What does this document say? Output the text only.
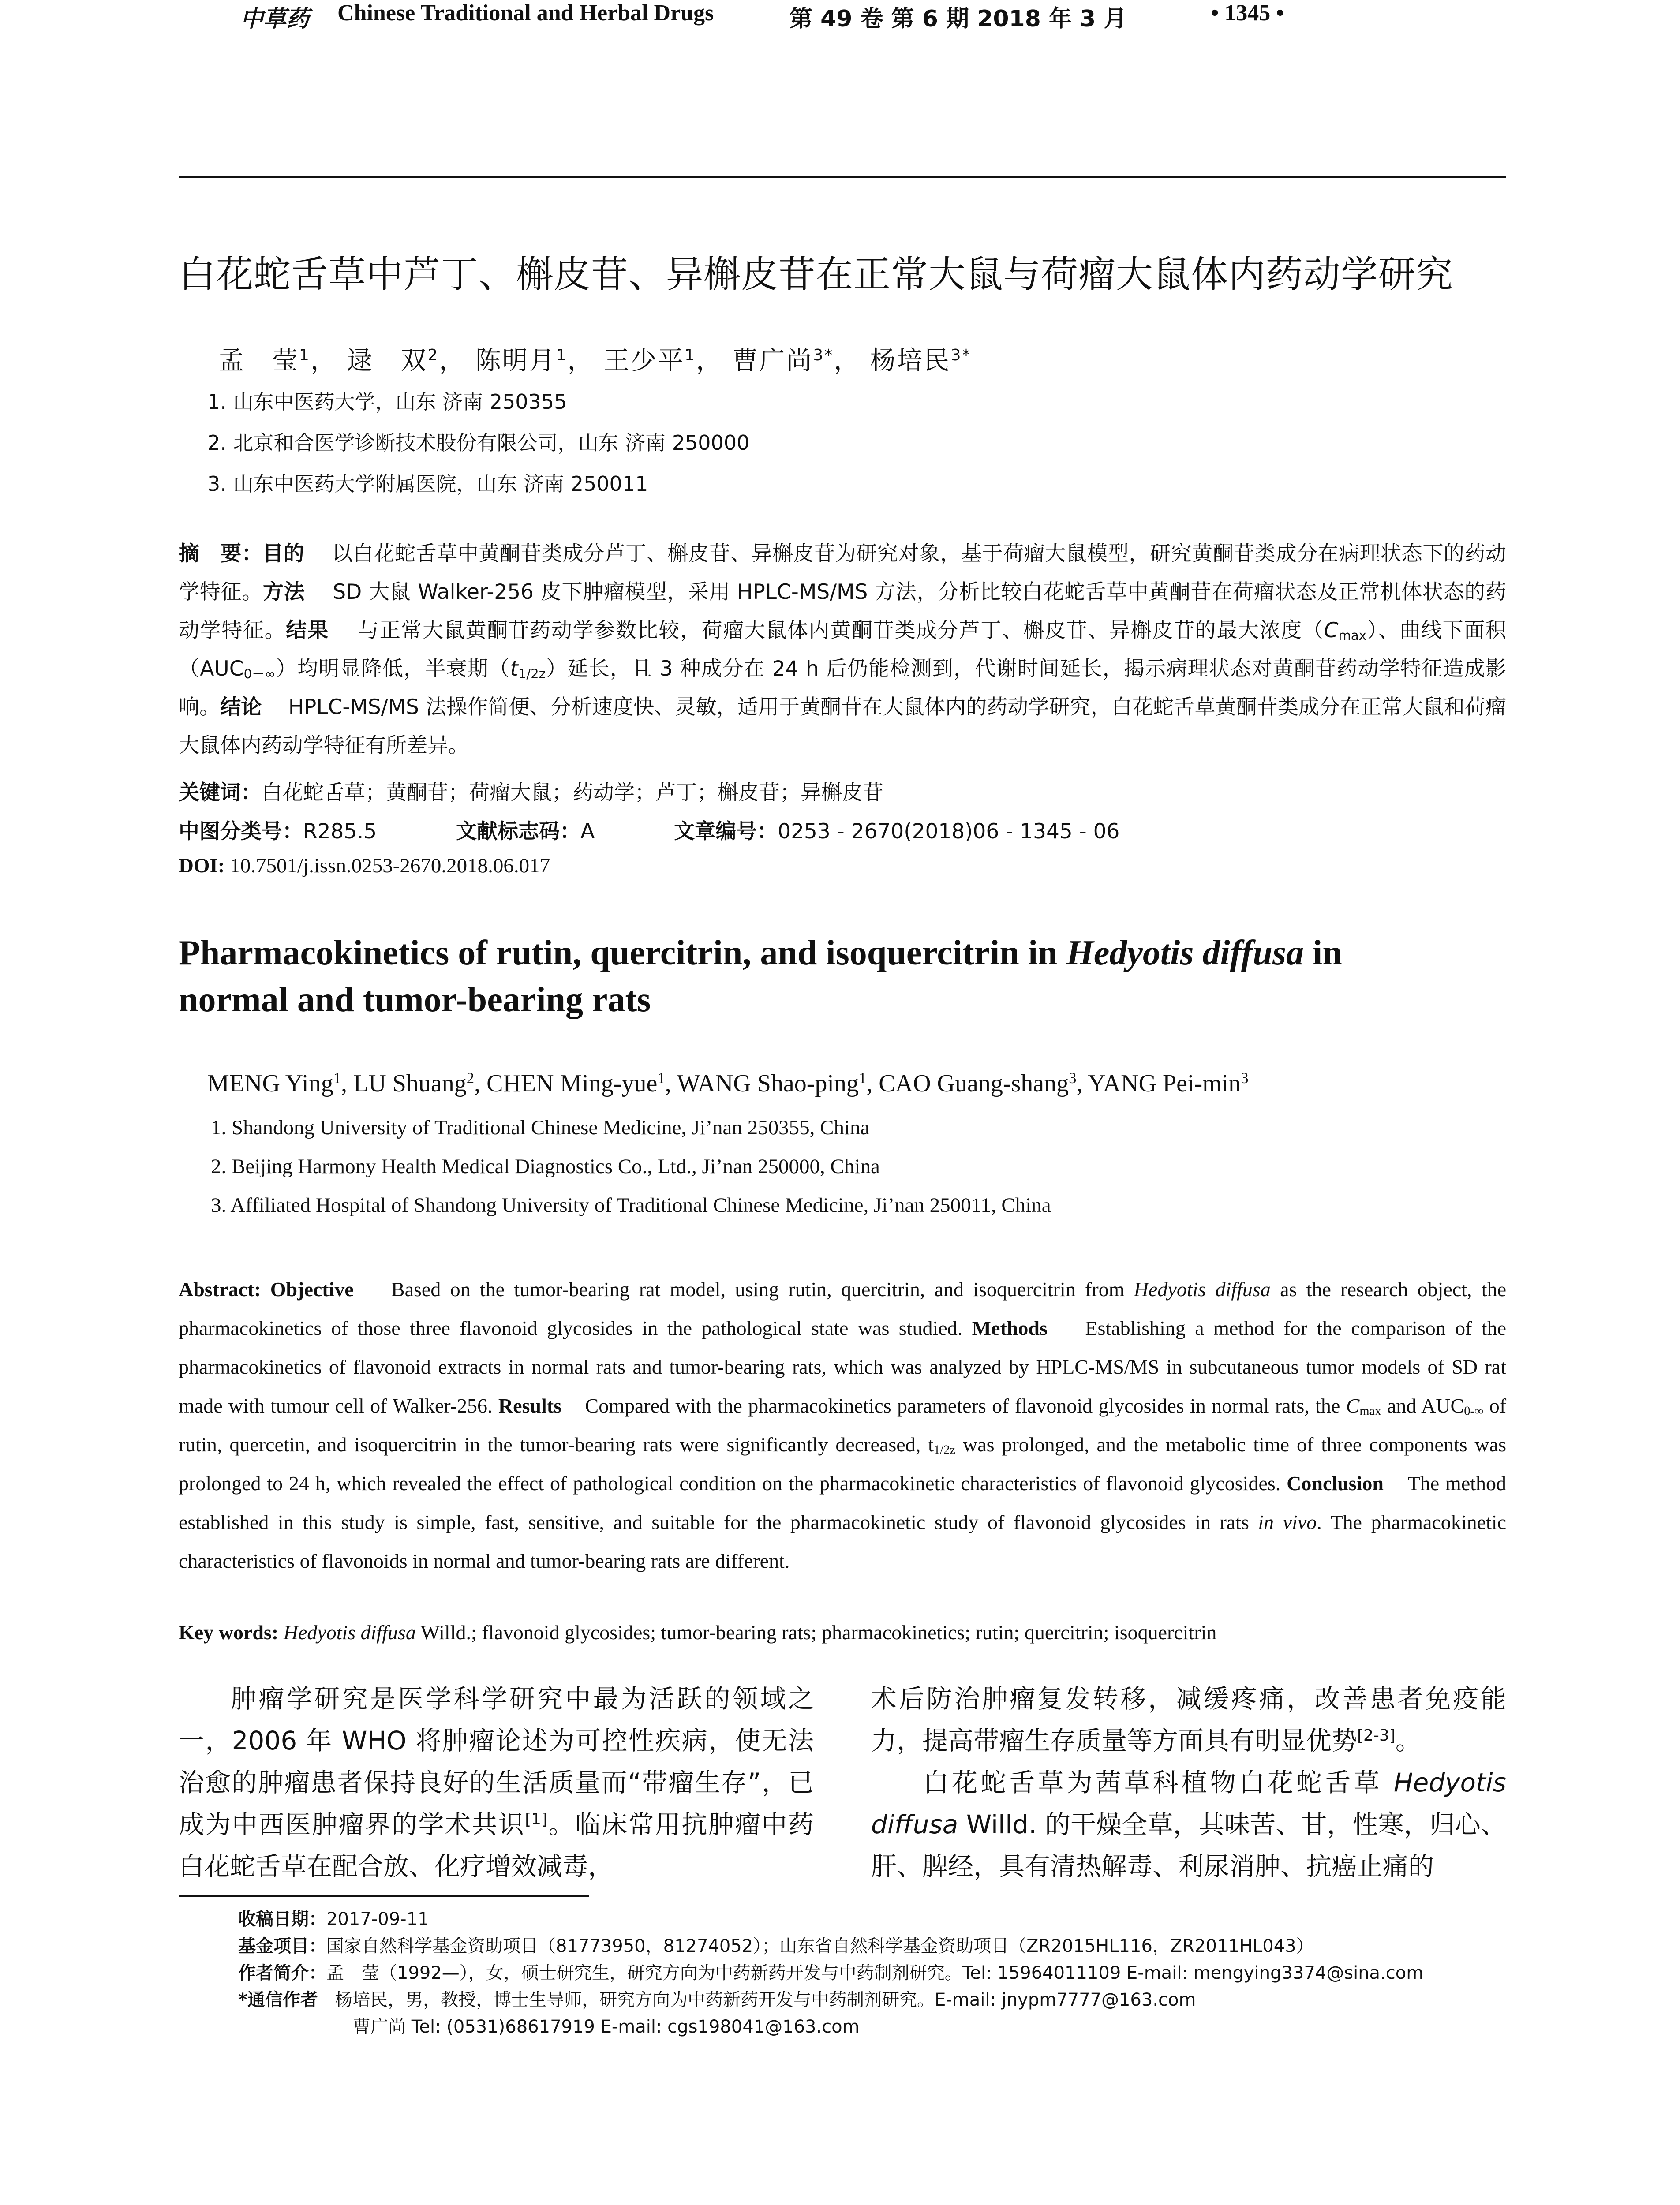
中草药 Chinese Traditional and Herbal Drugs	第 49 卷 第 6 期 2018 年 3 月	• 1345 •
白花蛇舌草中芦丁、槲皮苷、异槲皮苷在正常大鼠与荷瘤大鼠体内药动学研究
孟　莹$^1$， 逯　双$^2$， 陈明月$^1$， 王少平$^1$， 曹广尚$^{3*}$， 杨培民$^{3*}$
1. 山东中医药大学，山东 济南 250355
2. 北京和合医学诊断技术股份有限公司，山东 济南 250000
3. 山东中医药大学附属医院，山东 济南 250011
摘　要：目的 以白花蛇舌草中黄酮苷类成分芦丁、槲皮苷、异槲皮苷为研究对象，基于荷瘤大鼠模型，研究黄酮苷类成分在病理状态下的药动学特征。方法 SD 大鼠 Walker-256 皮下肿瘤模型，采用 HPLC-MS/MS 方法，分析比较白花蛇舌草中黄酮苷在荷瘤状态及正常机体状态的药动学特征。结果 与正常大鼠黄酮苷药动学参数比较，荷瘤大鼠体内黄酮苷类成分芦丁、槲皮苷、异槲皮苷的最大浓度$(C_{max})$、曲线下面积$(AUC_{0-\infty})$均明显降低，半衰期$(t_{1/2z})$延长，且 3 种成分在 24 h 后仍能检测到，代谢时间延长，揭示病理状态对黄酮苷药动学特征造成影响。结论 HPLC-MS/MS 法操作简便、分析速度快、灵敏，适用于黄酮苷在大鼠体内的药动学研究，白花蛇舌草黄酮苷类成分在正常大鼠和荷瘤大鼠体内药动学特征有所差异。
关键词：白花蛇舌草；黄酮苷；荷瘤大鼠；药动学；芦丁；槲皮苷；异槲皮苷
中图分类号：R285.5	文献标志码：A	文章编号：0253 - 2670(2018)06 - 1345 - 06
DOI: 10.7501/j.issn.0253-2670.2018.06.017
Pharmacokinetics of rutin, quercitrin, and isoquercitrin in Hedyotis diffusa in
normal and tumor-bearing rats
MENG Ying$^1$, LU Shuang$^2$, CHEN Ming-yue$^1$, WANG Shao-ping$^1$, CAO Guang-shang$^3$, YANG Pei-$\min^3$
1. Shandong University of Traditional Chinese Medicine, Ji’nan 250355, China
2. Beijing Harmony Health Medical Diagnostics Co., Ltd., Ji’nan 250000, China
3. Affiliated Hospital of Shandong University of Traditional Chinese Medicine, Ji’nan 250011, China
Abstract: Objective Based on the tumor-bearing rat model, using rutin, quercitrin, and isoquercitrin from Hedyotis diffusa as the research object, the pharmacokinetics of those three flavonoid glycosides in the pathological state was studied. Methods Establishing a method for the comparison of the pharmacokinetics of flavonoid extracts in normal rats and tumor-bearing rats, which was analyzed by HPLC-MS/MS in subcutaneous tumor models of SD rat made with tumour cell of Walker-256. Results Compared with the pharmacokinetics parameters of flavonoid glycosides in normal rats, the $C_{max}$ and $AUC_{0-\infty}$ of rutin, quercetin, and isoquercitrin in the tumor-bearing rats were significantly decreased, $t_{1/2z}$ was prolonged, and the metabolic time of three components was prolonged to 24 h, which revealed the effect of pathological condition on the pharmacokinetic characteristics of flavonoid glycosides. Conclusion The method established in this study is simple, fast, sensitive, and suitable for the pharmacokinetic study of flavonoid glycosides in rats in vivo. The pharmacokinetic characteristics of flavonoids in normal and tumor-bearing rats are different.
Key words: Hedyotis diffusa Willd.; flavonoid glycosides; tumor-bearing rats; pharmacokinetics; rutin; quercitrin; isoquercitrin

肿瘤学研究是医学科学研究中最为活跃的领域之一，2006 年 WHO 将肿瘤论述为可控性疾病，使无法治愈的肿瘤患者保持良好的生活质量而“带瘤生存”，已成为中西医肿瘤界的学术共识[1]。临床常用抗肿瘤中药白花蛇舌草在配合放、化疗增效减毒，

术后防治肿瘤复发转移，减缓疼痛，改善患者免疫能力，提高带瘤生存质量等方面具有明显优势[2-3]。

白花蛇舌草为茜草科植物白花蛇舌草 Hedyotis diffusa Willd. 的干燥全草，其味苦、甘，性寒，归心、肝、脾经，具有清热解毒、利尿消肿、抗癌止痛的

收稿日期：2017-09-11
基金项目：国家自然科学基金资助项目（81773950，81274052）；山东省自然科学基金资助项目（ZR2015HL116，ZR2011HL043）
作者简介：孟　莹（1992—），女，硕士研究生，研究方向为中药新药开发与中药制剂研究。Tel: 15964011109 E-mail: mengying3374@sina.com
*通信作者 杨培民，男，教授，博士生导师，研究方向为中药新药开发与中药制剂研究。E-mail: jnypm7777@163.com
曹广尚 Tel: (0531)68617919 E-mail: cgs198041@163.com
